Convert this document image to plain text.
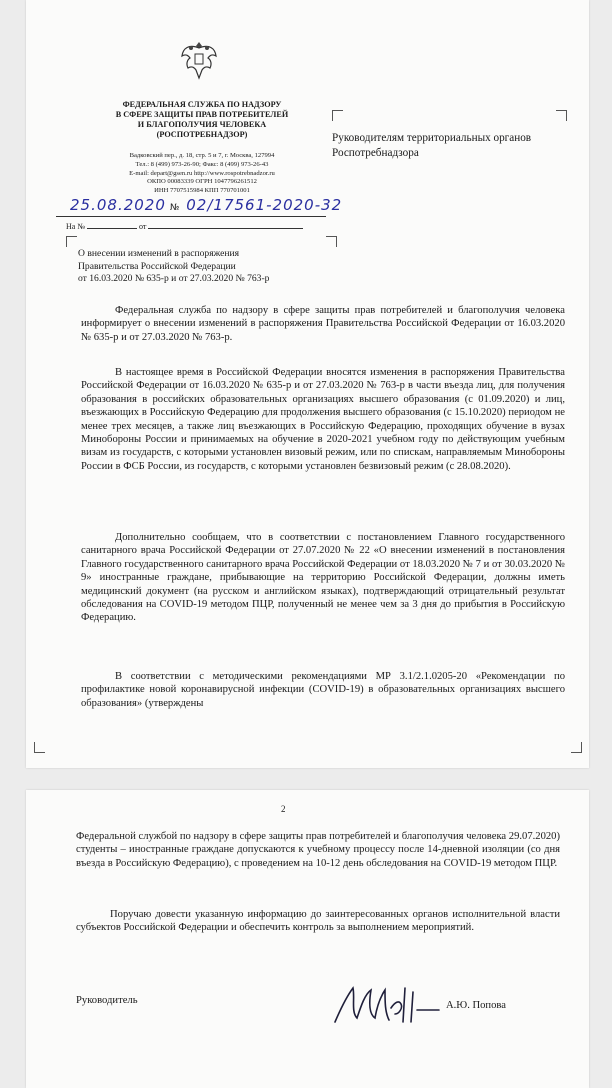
ФЕДЕРАЛЬНАЯ СЛУЖБА ПО НАДЗОРУ
В СФЕРЕ ЗАЩИТЫ ПРАВ ПОТРЕБИТЕЛЕЙ
И БЛАГОПОЛУЧИЯ ЧЕЛОВЕКА
(РОСПОТРЕБНАДЗОР)
Вадковский пер., д. 18, стр. 5 и 7, г. Москва, 127994
Тел.: 8 (499) 973-26-90; Факс: 8 (499) 973-26-43
E-mail: depart@gsen.ru http://www.rospotrebnadzor.ru
ОКПО 00083339 ОГРН 1047796261512
ИНН 7707515984 КПП 770701001
25.08.2020 № 02/17561-2020-32
На №	от
Руководителям территориальных органов Роспотребнадзора
О внесении изменений в распоряжения
Правительства Российской Федерации
от 16.03.2020 № 635-р и от 27.03.2020 № 763-р

Федеральная служба по надзору в сфере защиты прав потребителей и благополучия человека информирует о внесении изменений в распоряжения Правительства Российской Федерации от 16.03.2020 № 635-р и от 27.03.2020 № 763-р.

В настоящее время в Российской Федерации вносятся изменения в распоряжения Правительства Российской Федерации от 16.03.2020 № 635-р и от 27.03.2020 № 763-р в части въезда лиц, для получения образования в российских образовательных организациях высшего образования (с 01.09.2020) и лиц, въезжающих в Российскую Федерацию для продолжения высшего образования (с 15.10.2020) периодом не менее трех месяцев, а также лиц въезжающих в Российскую Федерацию, проходящих обучение в вузах Минобороны России и принимаемых на обучение в 2020-2021 учебном году по действующим учебным визам из государств, с которыми установлен визовый режим, или по спискам, направляемым Минобороны России в ФСБ России, из государств, с которыми установлен безвизовый режим (с 28.08.2020).

Дополнительно сообщаем, что в соответствии с постановлением Главного государственного санитарного врача Российской Федерации от 27.07.2020 № 22 «О внесении изменений в постановления Главного государственного санитарного врача Российской Федерации от 18.03.2020 № 7 и от 30.03.2020 № 9» иностранные граждане, прибывающие на территорию Российской Федерации, должны иметь медицинский документ (на русском и английском языках), подтверждающий отрицательный результат обследования на COVID-19 методом ПЦР, полученный не менее чем за 3 дня до прибытия в Российскую Федерацию.

В соответствии с методическими рекомендациями МР 3.1/2.1.0205-20 «Рекомендации по профилактике новой коронавирусной инфекции (COVID-19) в образовательных организациях высшего образования» (утверждены

2

Федеральной службой по надзору в сфере защиты прав потребителей и благополучия человека 29.07.2020) студенты – иностранные граждане допускаются к учебному процессу после 14-дневной изоляции (со дня въезда в Российскую Федерацию), с проведением на 10-12 день обследования на COVID-19 методом ПЦР.

Поручаю довести указанную информацию до заинтересованных органов исполнительной власти субъектов Российской Федерации и обеспечить контроль за выполнением мероприятий.

Руководитель	А.Ю. Попова
